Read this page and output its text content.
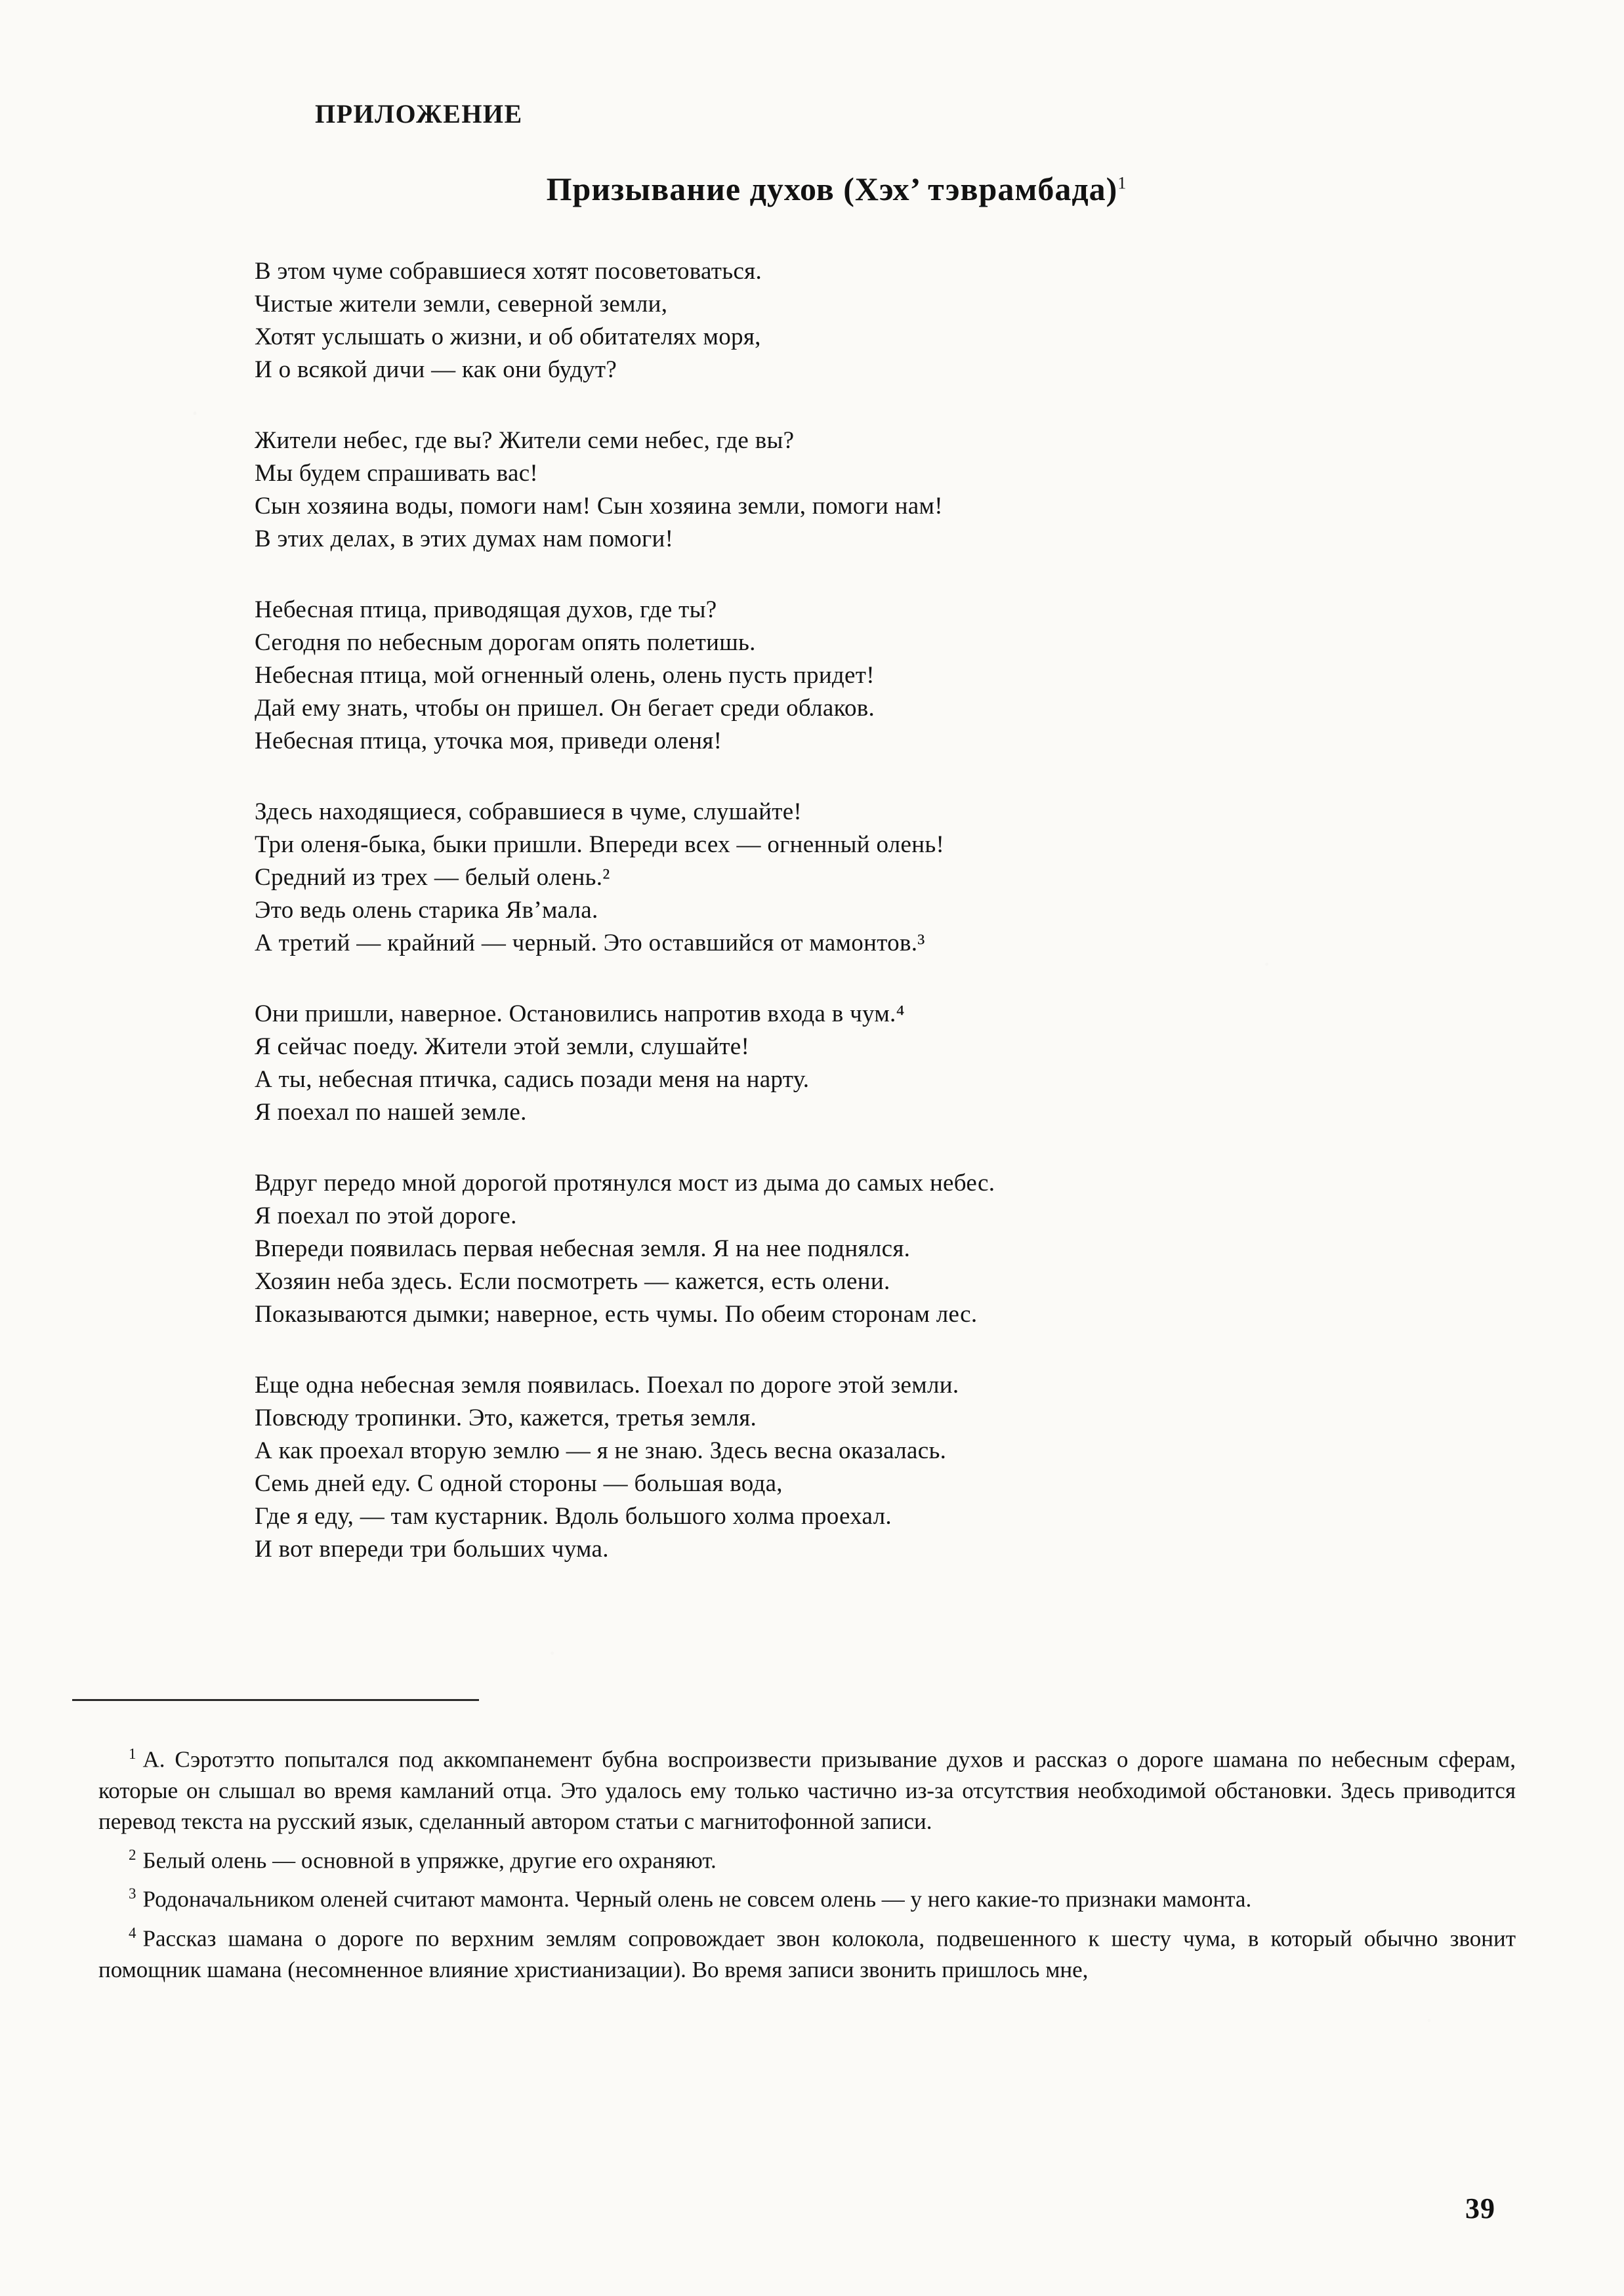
ПРИЛОЖЕНИЕ
Призывание духов (Хэх’ тэврамбада)$^1$
В этом чуме собравшиеся хотят посоветоваться.
Чистые жители земли, северной земли,
Хотят услышать о жизни, и об обитателях моря,
И о всякой дичи — как они будут?
Жители небес, где вы? Жители семи небес, где вы?
Мы будем спрашивать вас!
Сын хозяина воды, помоги нам! Сын хозяина земли, помоги нам!
В этих делах, в этих думах нам помоги!
Небесная птица, приводящая духов, где ты?
Сегодня по небесным дорогам опять полетишь.
Небесная птица, мой огненный олень, олень пусть придет!
Дай ему знать, чтобы он пришел. Он бегает среди облаков.
Небесная птица, уточка моя, приведи оленя!
Здесь находящиеся, собравшиеся в чуме, слушайте!
Три оленя-быка, быки пришли. Впереди всех — огненный олень!
Средний из трех — белый олень.²
Это ведь олень старика Яв’мала.
А третий — крайний — черный. Это оставшийся от мамонтов.³
Они пришли, наверное. Остановились напротив входа в чум.⁴
Я сейчас поеду. Жители этой земли, слушайте!
А ты, небесная птичка, садись позади меня на нарту.
Я поехал по нашей земле.
Вдруг передо мной дорогой протянулся мост из дыма до самых небес.
Я поехал по этой дороге.
Впереди появилась первая небесная земля. Я на нее поднялся.
Хозяин неба здесь. Если посмотреть — кажется, есть олени.
Показываются дымки; наверное, есть чумы. По обеим сторонам лес.
Еще одна небесная земля появилась. Поехал по дороге этой земли.
Повсюду тропинки. Это, кажется, третья земля.
А как проехал вторую землю — я не знаю. Здесь весна оказалась.
Семь дней еду. С одной стороны — большая вода,
Где я еду, — там кустарник. Вдоль большого холма проехал.
И вот впереди три больших чума.
$^1$ А. Сэротэтто попытался под аккомпанемент бубна воспроизвести призывание духов и рассказ о дороге шамана по небесным сферам, которые он слышал во время камланий отца. Это удалось ему только частично из-за отсутствия необходимой обстановки. Здесь приводится перевод текста на русский язык, сделанный автором статьи с магнитофонной записи.
$^2$ Белый олень — основной в упряжке, другие его охраняют.
$^3$ Родоначальником оленей считают мамонта. Черный олень не совсем олень — у него какие-то признаки мамонта.
$^4$ Рассказ шамана о дороге по верхним землям сопровождает звон колокола, подвешенного к шесту чума, в который обычно звонит помощник шамана (несомненное влияние христианизации). Во время записи звонить пришлось мне,
39
